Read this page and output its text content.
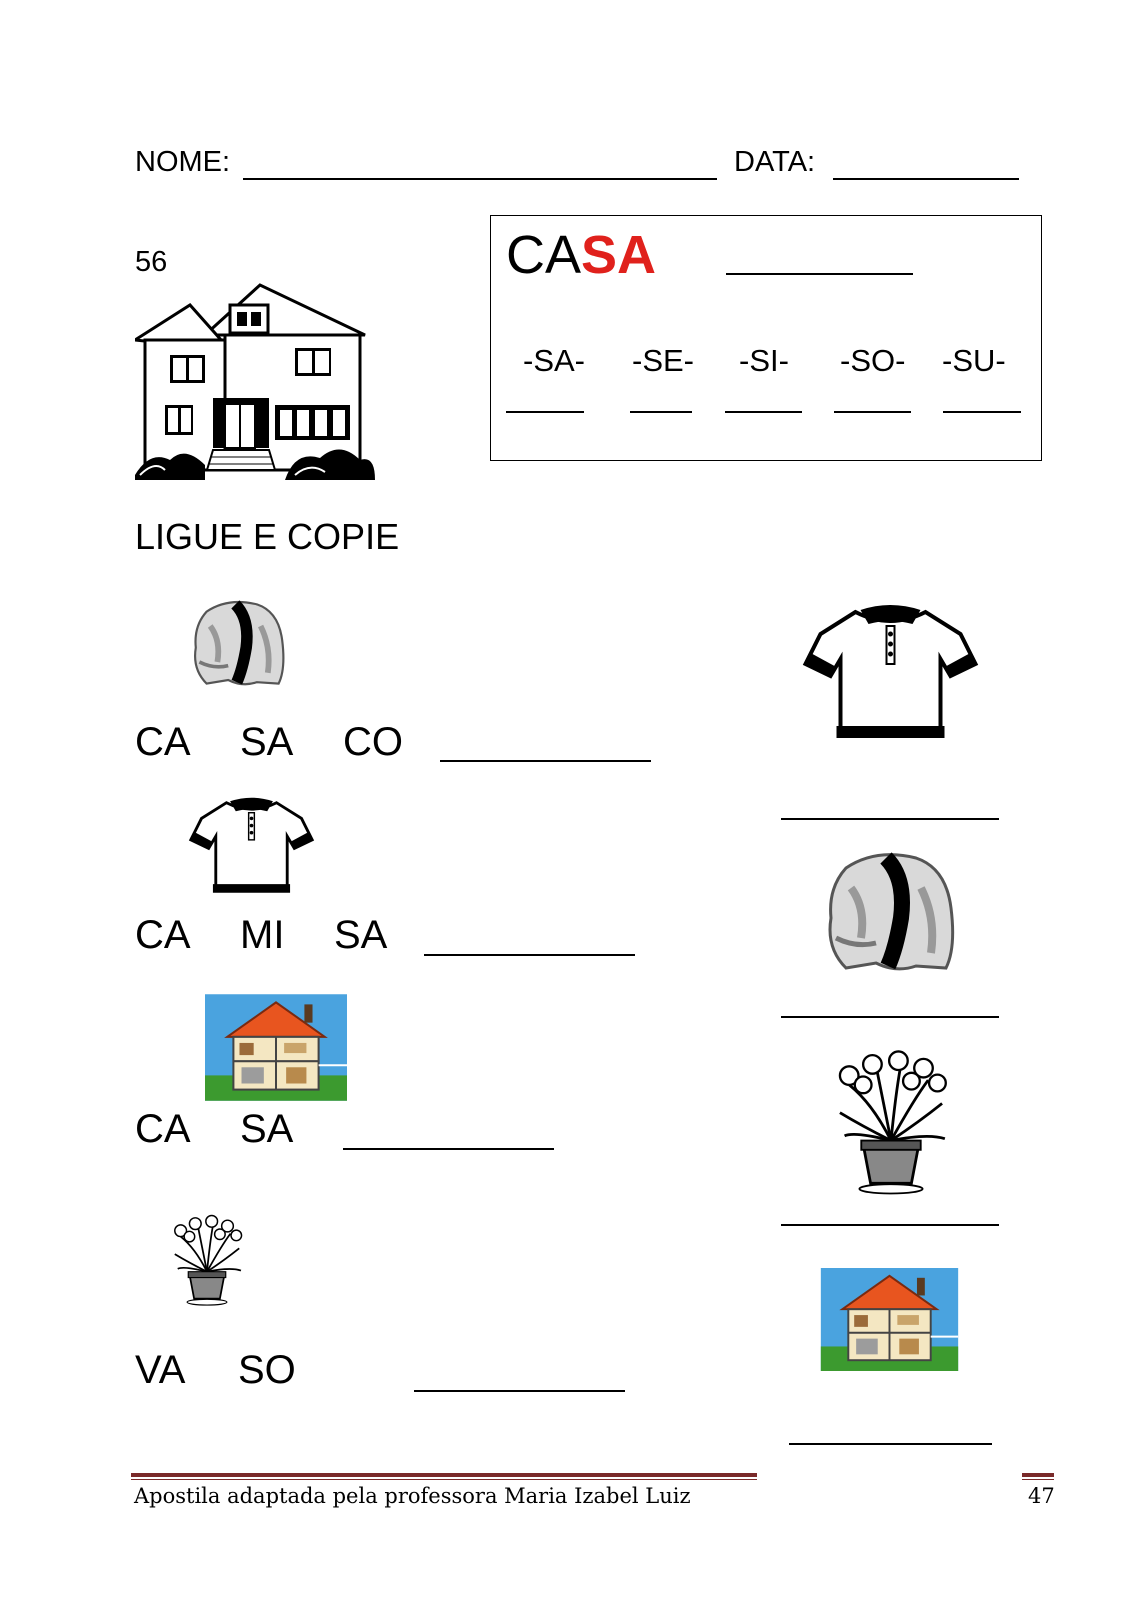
NOME:	DATA:
56	CASA
-SA- -SE- -SI- -SO- -SU-
LIGUE E COPIE
CA SA CO
CA MI SA
CA SA
VA SO
Apostila adaptada pela professora Maria Izabel Luiz	47
